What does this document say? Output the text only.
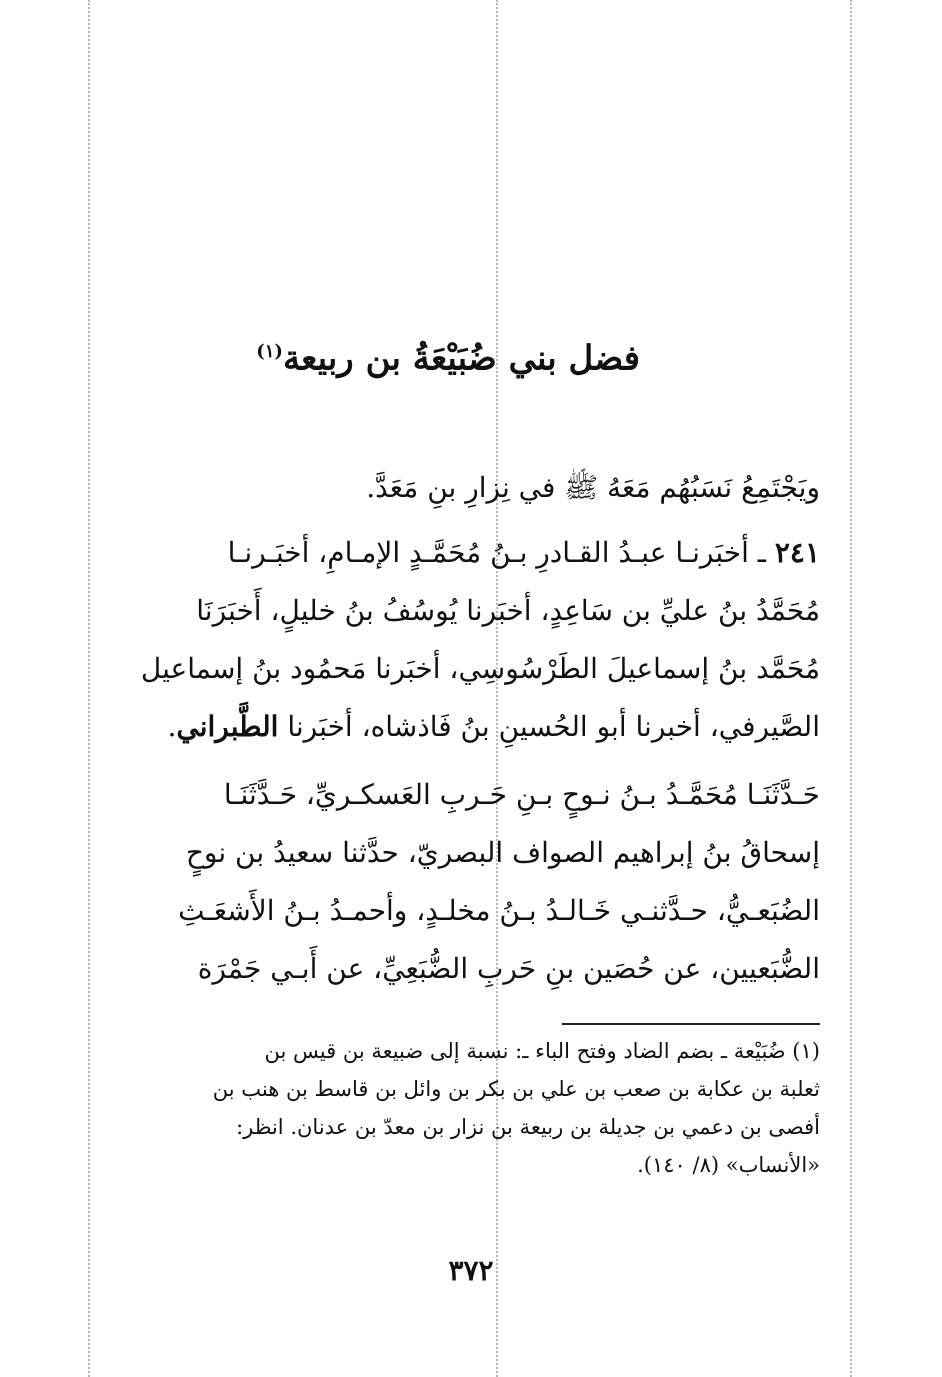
فضل بني ضُبَيْعَةُ بن ربيعة$^{(١)}$

ويَجْتَمِعُ نَسَبُهُم مَعَهُ ﷺ في نِزارِ بنِ مَعَدَّ.

٢٤١ ـ أخبَرنـا عبـدُ القـادرِ بـنُ مُحَمَّـدٍ الإمـامِ، أخبَـرنـا
مُحَمَّدُ بنُ عليِّ بن سَاعِدٍ، أخبَرنا يُوسُفُ بنُ خليلٍ، أَخبَرَنَا
مُحَمَّد بنُ إسماعيلَ الطَرْسُوسِي، أخبَرنا مَحمُود بنُ إسماعيل
الصَّيرفي، أخبرنا أبو الحُسينِ بنُ فَاذشاه، أخبَرنا الطَّبراني.
حَـدَّثَنَـا مُحَمَّـدُ بـنُ نـوحٍ بـنِ حَـربِ العَسكـريِّ، حَـدَّثَنَـا
إسحاقُ بنُ إبراهيم الصواف البصريّ، حدَّثنا سعيدُ بن نوحٍ
الضُبَعـيُّ، حـدَّثنـي خَـالـدُ بـنُ مخلـدٍ، وأحمـدُ بـنُ الأَشعَـثِ
الضُّبَعيين، عن حُصَين بنِ حَربِ الضُّبَعِيِّ، عن أَبـي جَمْرَة
(١) ضُبَيْعة ـ بضم الضاد وفتح الباء ـ: نسبة إلى ضبيعة بن قيس بن
ثعلبة بن عكابة بن صعب بن علي بن بكر بن وائل بن قاسط بن هنب بن
أفصى بن دعمي بن جديلة بن ربيعة بن نزار بن معدّ بن عدنان. انظر:
«الأنساب» (٨/ ١٤٠).

٣٧٢
